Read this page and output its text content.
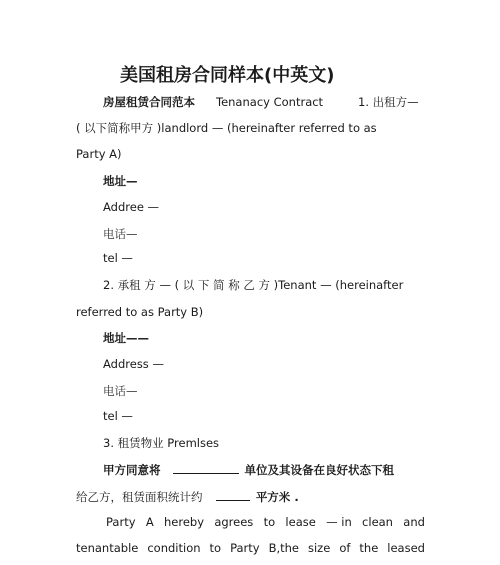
美国租房合同样本(中英文)
房屋租赁合同范本 Tenanacy Contract	1. 出租方—
( 以下简称甲方 )landlord — (hereinafter referred to as
Party A)
地址—
Addree —
电话—
tel —
2. 承租 方 — ( 以 下 简 称 乙 方 )Tenant — (hereinafter
referred to as Party B)
地址——
Address —
电话—
tel —
3. 租赁物业 Premlses
甲方同意将	单位及其设备在良好状态下租
给乙方，租赁面积统计约	平方米 .
Party A hereby agrees to lease — in clean and
tenantable condition to Party B,the size of the leased
